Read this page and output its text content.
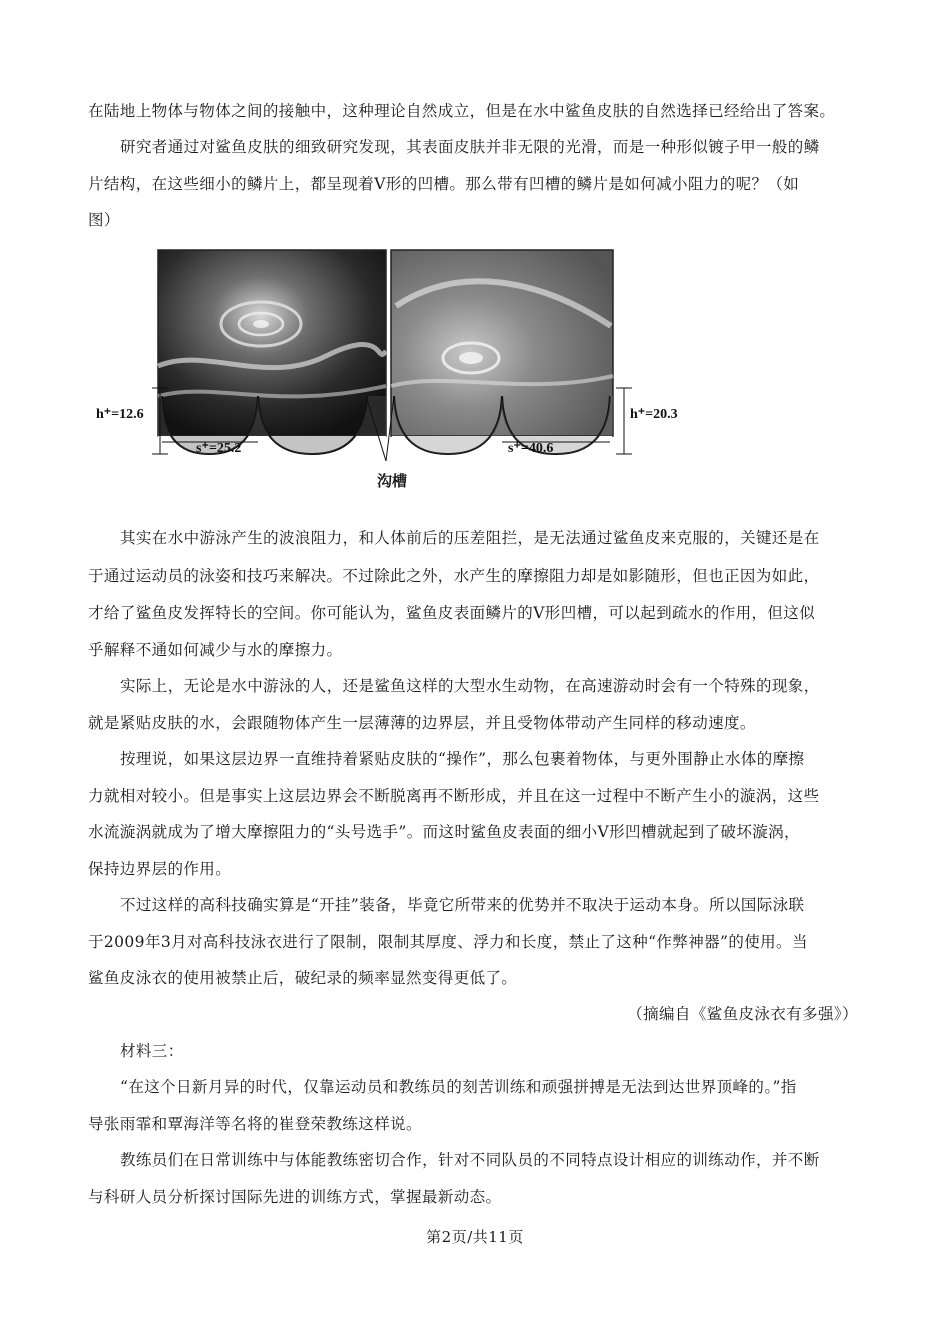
在陆地上物体与物体之间的接触中，这种理论自然成立，但是在水中鲨鱼皮肤的自然选择已经给出了答案。
研究者通过对鲨鱼皮肤的细致研究发现，其表面皮肤并非无限的光滑，而是一种形似镀子甲一般的鳞
片结构，在这些细小的鳞片上，都呈现着V形的凹槽。那么带有凹槽的鳞片是如何减小阻力的呢？（如
图）
h⁺=12.6
s⁺=25.2
h⁺=20.3
s⁺=40.6
沟槽
其实在水中游泳产生的波浪阻力，和人体前后的压差阻拦，是无法通过鲨鱼皮来克服的，关键还是在
于通过运动员的泳姿和技巧来解决。不过除此之外，水产生的摩擦阻力却是如影随形，但也正因为如此，
才给了鲨鱼皮发挥特长的空间。你可能认为，鲨鱼皮表面鳞片的V形凹槽，可以起到疏水的作用，但这似
乎解释不通如何减少与水的摩擦力。
实际上，无论是水中游泳的人，还是鲨鱼这样的大型水生动物，在高速游动时会有一个特殊的现象，
就是紧贴皮肤的水，会跟随物体产生一层薄薄的边界层，并且受物体带动产生同样的移动速度。
按理说，如果这层边界一直维持着紧贴皮肤的“操作”，那么包裹着物体，与更外围静止水体的摩擦
力就相对较小。但是事实上这层边界会不断脱离再不断形成，并且在这一过程中不断产生小的漩涡，这些
水流漩涡就成为了增大摩擦阻力的“头号选手”。而这时鲨鱼皮表面的细小V形凹槽就起到了破坏漩涡，
保持边界层的作用。
不过这样的高科技确实算是“开挂”装备，毕竟它所带来的优势并不取决于运动本身。所以国际泳联
于2009年3月对高科技泳衣进行了限制，限制其厚度、浮力和长度，禁止了这种“作弊神器”的使用。当
鲨鱼皮泳衣的使用被禁止后，破纪录的频率显然变得更低了。
（摘编自《鲨鱼皮泳衣有多强》）
材料三：
“在这个日新月异的时代，仅靠运动员和教练员的刻苦训练和顽强拼搏是无法到达世界顶峰的。”指
导张雨霏和覃海洋等名将的崔登荣教练这样说。
教练员们在日常训练中与体能教练密切合作，针对不同队员的不同特点设计相应的训练动作，并不断
与科研人员分析探讨国际先进的训练方式，掌握最新动态。
第2页/共11页
